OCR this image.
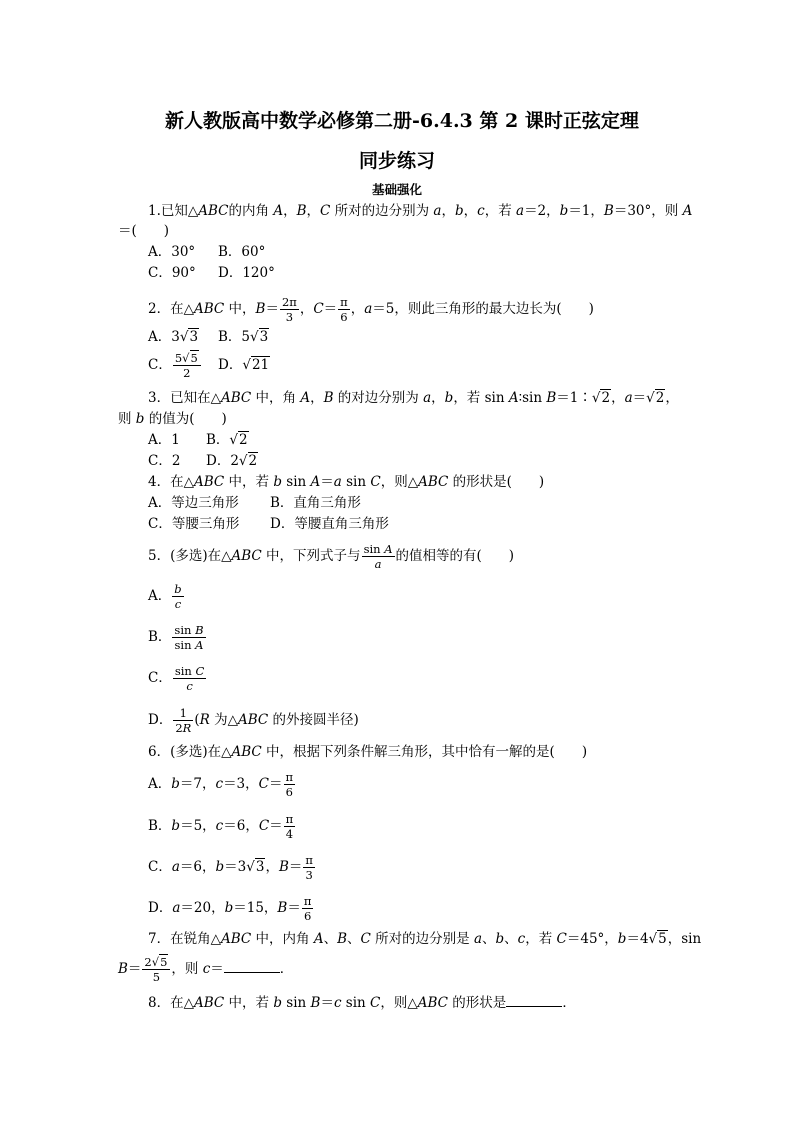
新人教版高中数学必修第二册-6.4.3 第 2 课时正弦定理
同步练习
基础强化
1.已知△ABC的内角 A，B，C 所对的边分别为 a，b，c，若 a＝2，b＝1，B＝30°，则 A
＝(　　)
A．30° B．60°
C．90° D．120°
2．在△ABC 中，$B= \frac{2\pi}{3}$ ，$C= \frac{\pi}{6}$ ，a＝5，则此三角形的最大边长为(　　)
A．3√3 B．5√3
C． $\frac{5√5}{2}$ D．√21
3．已知在△ABC 中，角 A，B 的对边分别为 a，b，若 sin A∶sin B＝1∶√2，a＝√2，
则 b 的值为(　　)
A．1 B．√2
C．2 D．2√2
4．在△ABC 中，若 b sin A＝a sin C，则△ABC 的形状是(　　)
A．等边三角形 B．直角三角形
C．等腰三角形 D．等腰直角三角形
5．(多选)在△ABC 中，下列式子与 $\frac{\text{sin A}}{a}$ 的值相等的有(　　)
A． $\frac{b}{c}$
B． $\frac{\text{sin B}}{\text{sin A}}$
C． $\frac{\text{sin C}}{c}$
D． $\frac{1}{2R} (R$ 为△ABC 的外接圆半径)
6．(多选)在△ABC 中，根据下列条件解三角形，其中恰有一解的是(　　)
A．b＝7，c＝3，$C= \frac{\pi}{6}$
B．b＝5，c＝6，$C= \frac{\pi}{4}$
C．a＝6，b＝3√3，$B= \frac{\pi}{3}$
D．a＝20，b＝15，$B= \frac{\pi}{6}$
7．在锐角△ABC 中，内角 A、B、C 所对的边分别是 a、b、c，若 C＝45°，b＝4√5，sin
$B= \frac{2√5}{5}$ ，则 c＝	．
8．在△ABC 中，若 b sin B＝c sin C，则△ABC 的形状是	．
